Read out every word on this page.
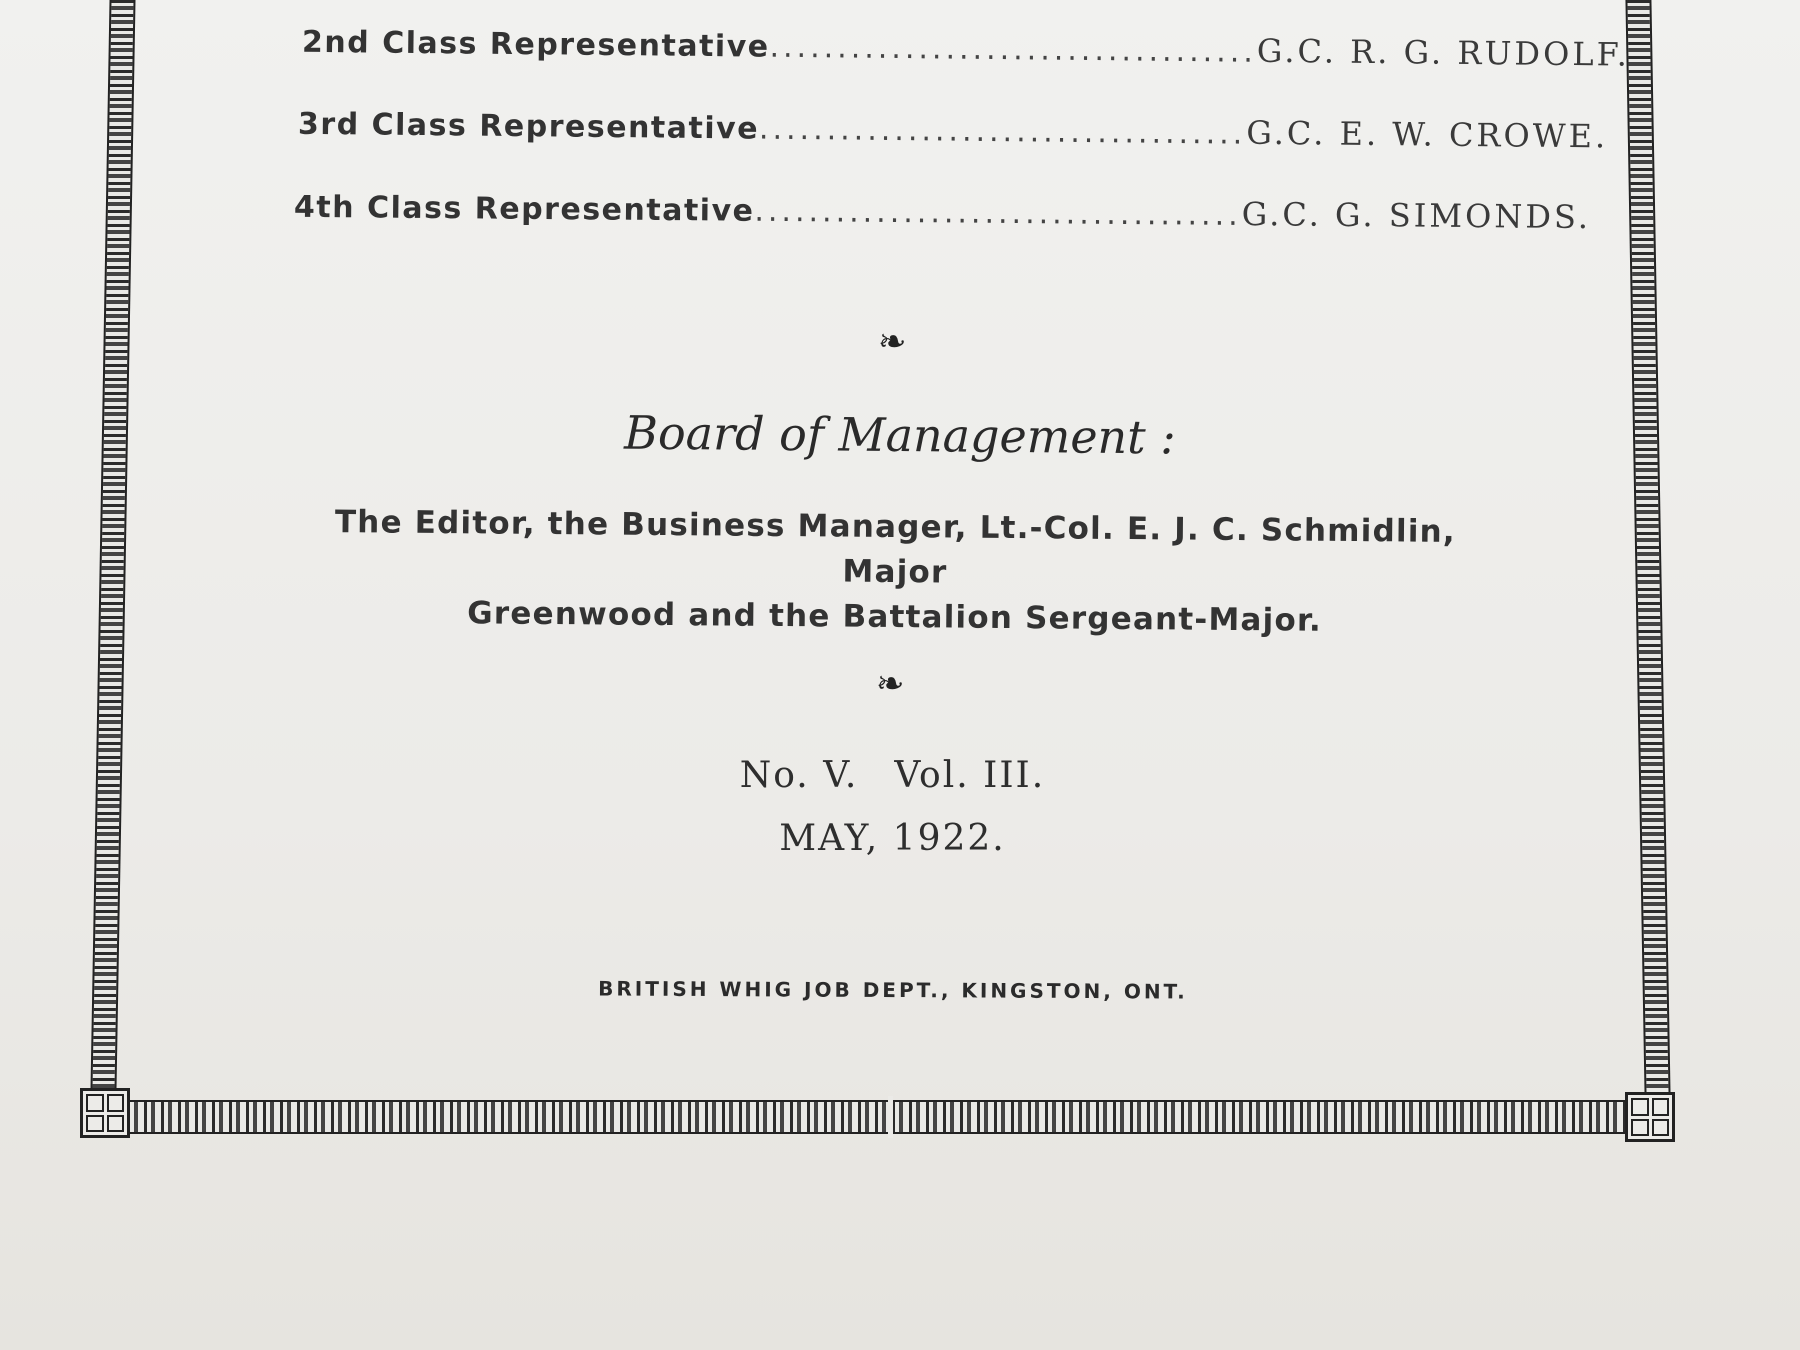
2nd Class Representative .................................... G.C. R. G. RUDOLF.
3rd Class Representative .................................... G.C. E. W. CROWE.
4th Class Representative .................................... G.C. G. SIMONDS.
❧
Board of Management :
The Editor, the Business Manager, Lt.-Col. E. J. C. Schmidlin, Major
Greenwood and the Battalion Sergeant-Major.
❧
No. V. Vol. III.
MAY, 1922.
BRITISH WHIG JOB DEPT., KINGSTON, ONT.
